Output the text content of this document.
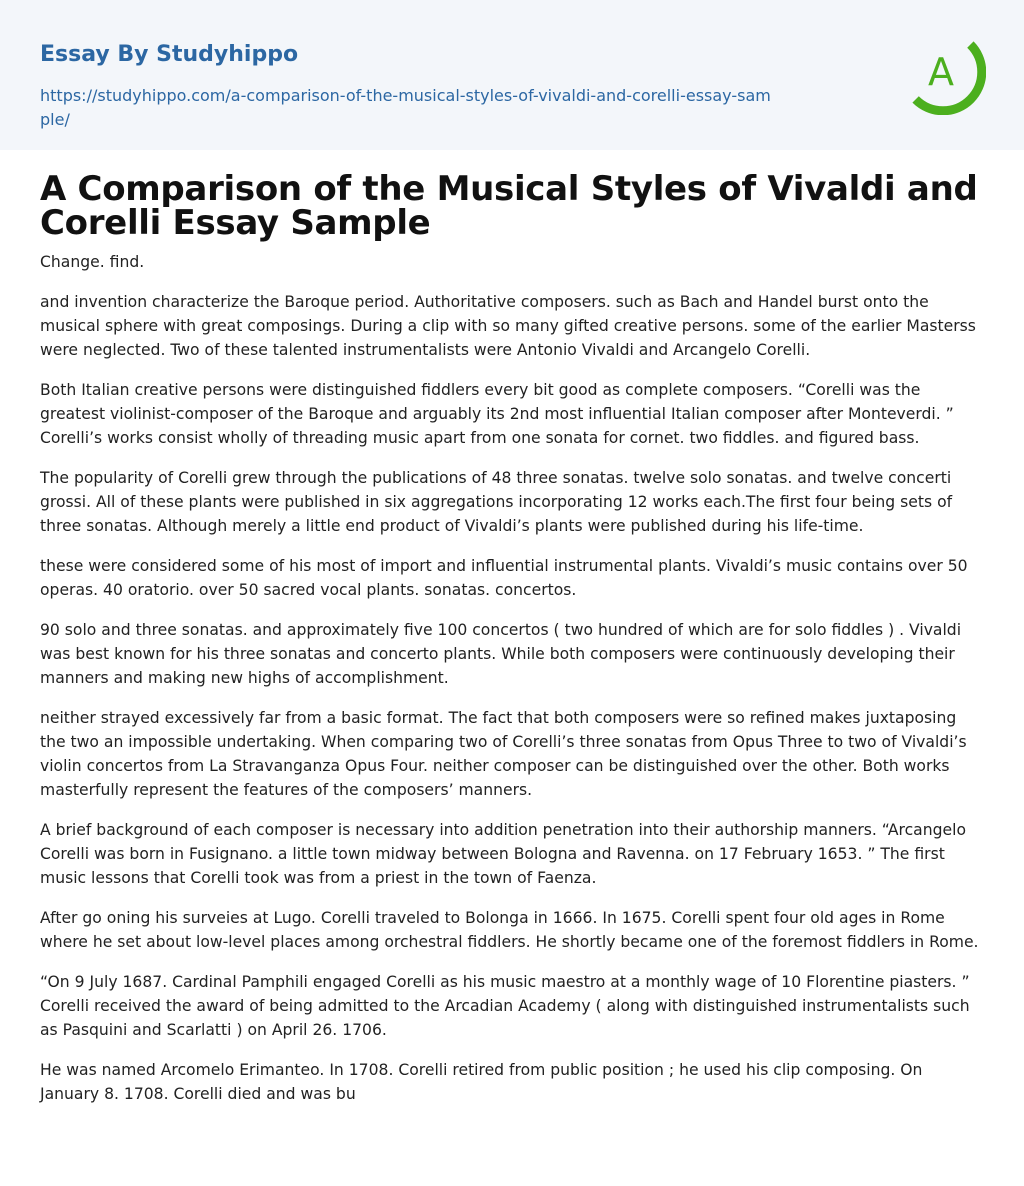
Essay By Studyhippo
https://studyhippo.com/a-comparison-of-the-musical-styles-of-vivaldi-and-corelli-essay-sample/
A
A Comparison of the Musical Styles of Vivaldi and Corelli Essay Sample

Change. find.

and invention characterize the Baroque period. Authoritative composers. such as Bach and Handel burst onto the musical sphere with great composings. During a clip with so many gifted creative persons. some of the earlier Masterss were neglected. Two of these talented instrumentalists were Antonio Vivaldi and Arcangelo Corelli.

Both Italian creative persons were distinguished fiddlers every bit good as complete composers. “Corelli was the greatest violinist-composer of the Baroque and arguably its 2nd most influential Italian composer after Monteverdi. ” Corelli’s works consist wholly of threading music apart from one sonata for cornet. two fiddles. and figured bass.

The popularity of Corelli grew through the publications of 48 three sonatas. twelve solo sonatas. and twelve concerti grossi. All of these plants were published in six aggregations incorporating 12 works each.The first four being sets of three sonatas. Although merely a little end product of Vivaldi’s plants were published during his life-time.

these were considered some of his most of import and influential instrumental plants. Vivaldi’s music contains over 50 operas. 40 oratorio. over 50 sacred vocal plants. sonatas. concertos.

90 solo and three sonatas. and approximately five 100 concertos ( two hundred of which are for solo fiddles ) . Vivaldi was best known for his three sonatas and concerto plants. While both composers were continuously developing their manners and making new highs of accomplishment.

neither strayed excessively far from a basic format. The fact that both composers were so refined makes juxtaposing the two an impossible undertaking. When comparing two of Corelli’s three sonatas from Opus Three to two of Vivaldi’s violin concertos from La Stravanganza Opus Four. neither composer can be distinguished over the other. Both works masterfully represent the features of the composers’ manners.

A brief background of each composer is necessary into addition penetration into their authorship manners. “Arcangelo Corelli was born in Fusignano. a little town midway between Bologna and Ravenna. on 17 February 1653. ” The first music lessons that Corelli took was from a priest in the town of Faenza.

After go oning his surveies at Lugo. Corelli traveled to Bolonga in 1666. In 1675. Corelli spent four old ages in Rome where he set about low-level places among orchestral fiddlers. He shortly became one of the foremost fiddlers in Rome.

“On 9 July 1687. Cardinal Pamphili engaged Corelli as his music maestro at a monthly wage of 10 Florentine piasters. ” Corelli received the award of being admitted to the Arcadian Academy ( along with distinguished instrumentalists such as Pasquini and Scarlatti ) on April 26. 1706.

He was named Arcomelo Erimanteo. In 1708. Corelli retired from public position ; he used his clip composing. On January 8. 1708. Corelli died and was bu
